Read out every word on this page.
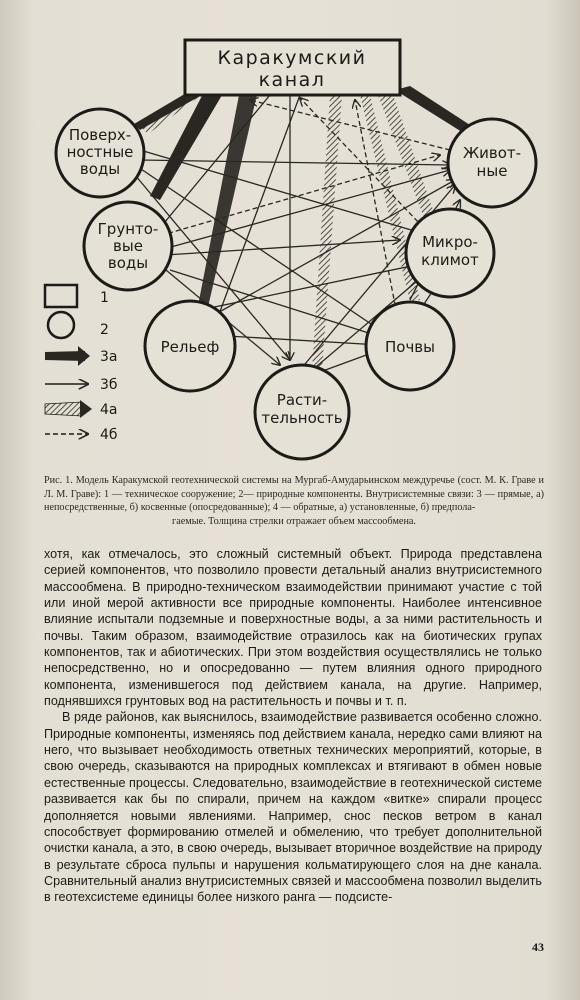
Каракумский
канал
Поверх-
ностные
воды
Грунто-
вые
воды
Рельеф
Расти-
тельность
Почвы
Микро-
климот
Живот-
ные
1
2
3а
3б
4а
4б
Рис. 1. Модель Каракумской геотехнической системы на Мургаб-Амударьинском междуречье (сост. М. К. Граве и Л. М. Граве): 1 — техническое сооружение; 2— природные компоненты. Внутрисистемные связи: 3 — прямые, а) непосредственные, б) косвенные (опосредованные); 4 — обратные, а) установленные, б) предпола-
гаемые. Толщина стрелки отражает объем массообмена.

хотя, как отмечалось, это сложный системный объект. Природа представлена серией компонентов, что позволило провести детальный анализ внутрисистемного массообмена. В природно-техническом взаимодействии принимают участие с той или иной мерой активности все природные компоненты. Наиболее интенсивное влияние испытали подземные и поверхностные воды, а за ними растительность и почвы. Таким образом, взаимодействие отразилось как на биотических групах компонентов, так и абиотических. При этом воздействия осуществлялись не только непосредственно, но и опосредованно — путем влияния одного природного компонента, изменившегося под действием канала, на другие. Например, поднявшихся грунтовых вод на растительность и почвы и т. п.

В ряде районов, как выяснилось, взаимодействие развивается особенно сложно. Природные компоненты, изменяясь под действием канала, нередко сами влияют на него, что вызывает необходимость ответных технических мероприятий, которые, в свою очередь, сказываются на природных комплексах и втягивают в обмен новые естественные процессы. Следовательно, взаимодействие в геотехнической системе развивается как бы по спирали, причем на каждом «витке» спирали процесс дополняется новыми явлениями. Например, снос песков ветром в канал способствует формированию отмелей и обмелению, что требует дополнительной очистки канала, а это, в свою очередь, вызывает вторичное воздействие на природу в результате сброса пульпы и нарушения кольматирующего слоя на дне канала. Сравнительный анализ внутрисистемных связей и массообмена позволил выделить в геотехсистеме единицы более низкого ранга — подсисте-

43
